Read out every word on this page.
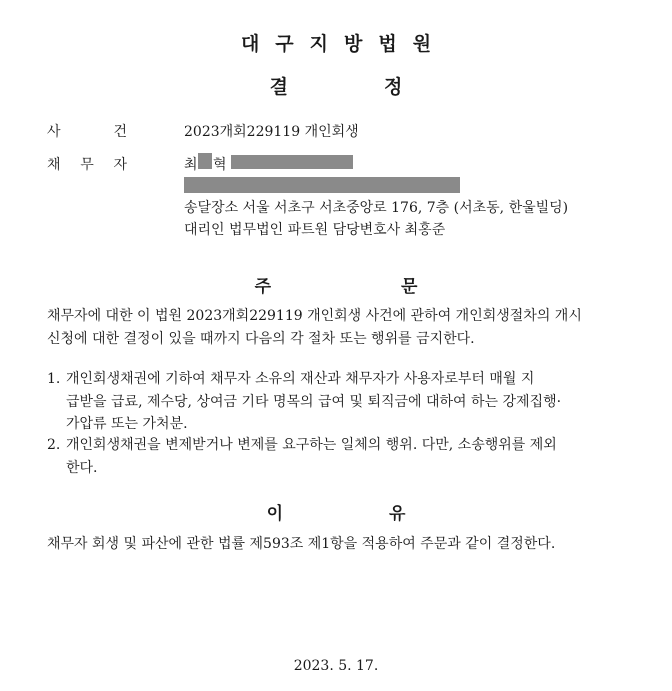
대구지방법원
결정
사 건	2023개회229119 개인회생
채 무 자	최 혁
송달장소 서울 서초구 서초중앙로 176, 7층 (서초동, 한울빌딩)
대리인 법무법인 파트원 담당변호사 최홍준
주 문
채무자에 대한 이 법원 2023개회229119 개인회생 사건에 관하여 개인회생절차의 개시
신청에 대한 결정이 있을 때까지 다음의 각 절차 또는 행위를 금지한다.
1. 개인회생채권에 기하여 채무자 소유의 재산과 채무자가 사용자로부터 매월 지
급받을 급료, 제수당, 상여금 기타 명목의 급여 및 퇴직금에 대하여 하는 강제집행·
가압류 또는 가처분.
2. 개인회생채권을 변제받거나 변제를 요구하는 일체의 행위. 다만, 소송행위를 제외
한다.
이 유
채무자 회생 및 파산에 관한 법률 제593조 제1항을 적용하여 주문과 같이 결정한다.
2023. 5. 17.
